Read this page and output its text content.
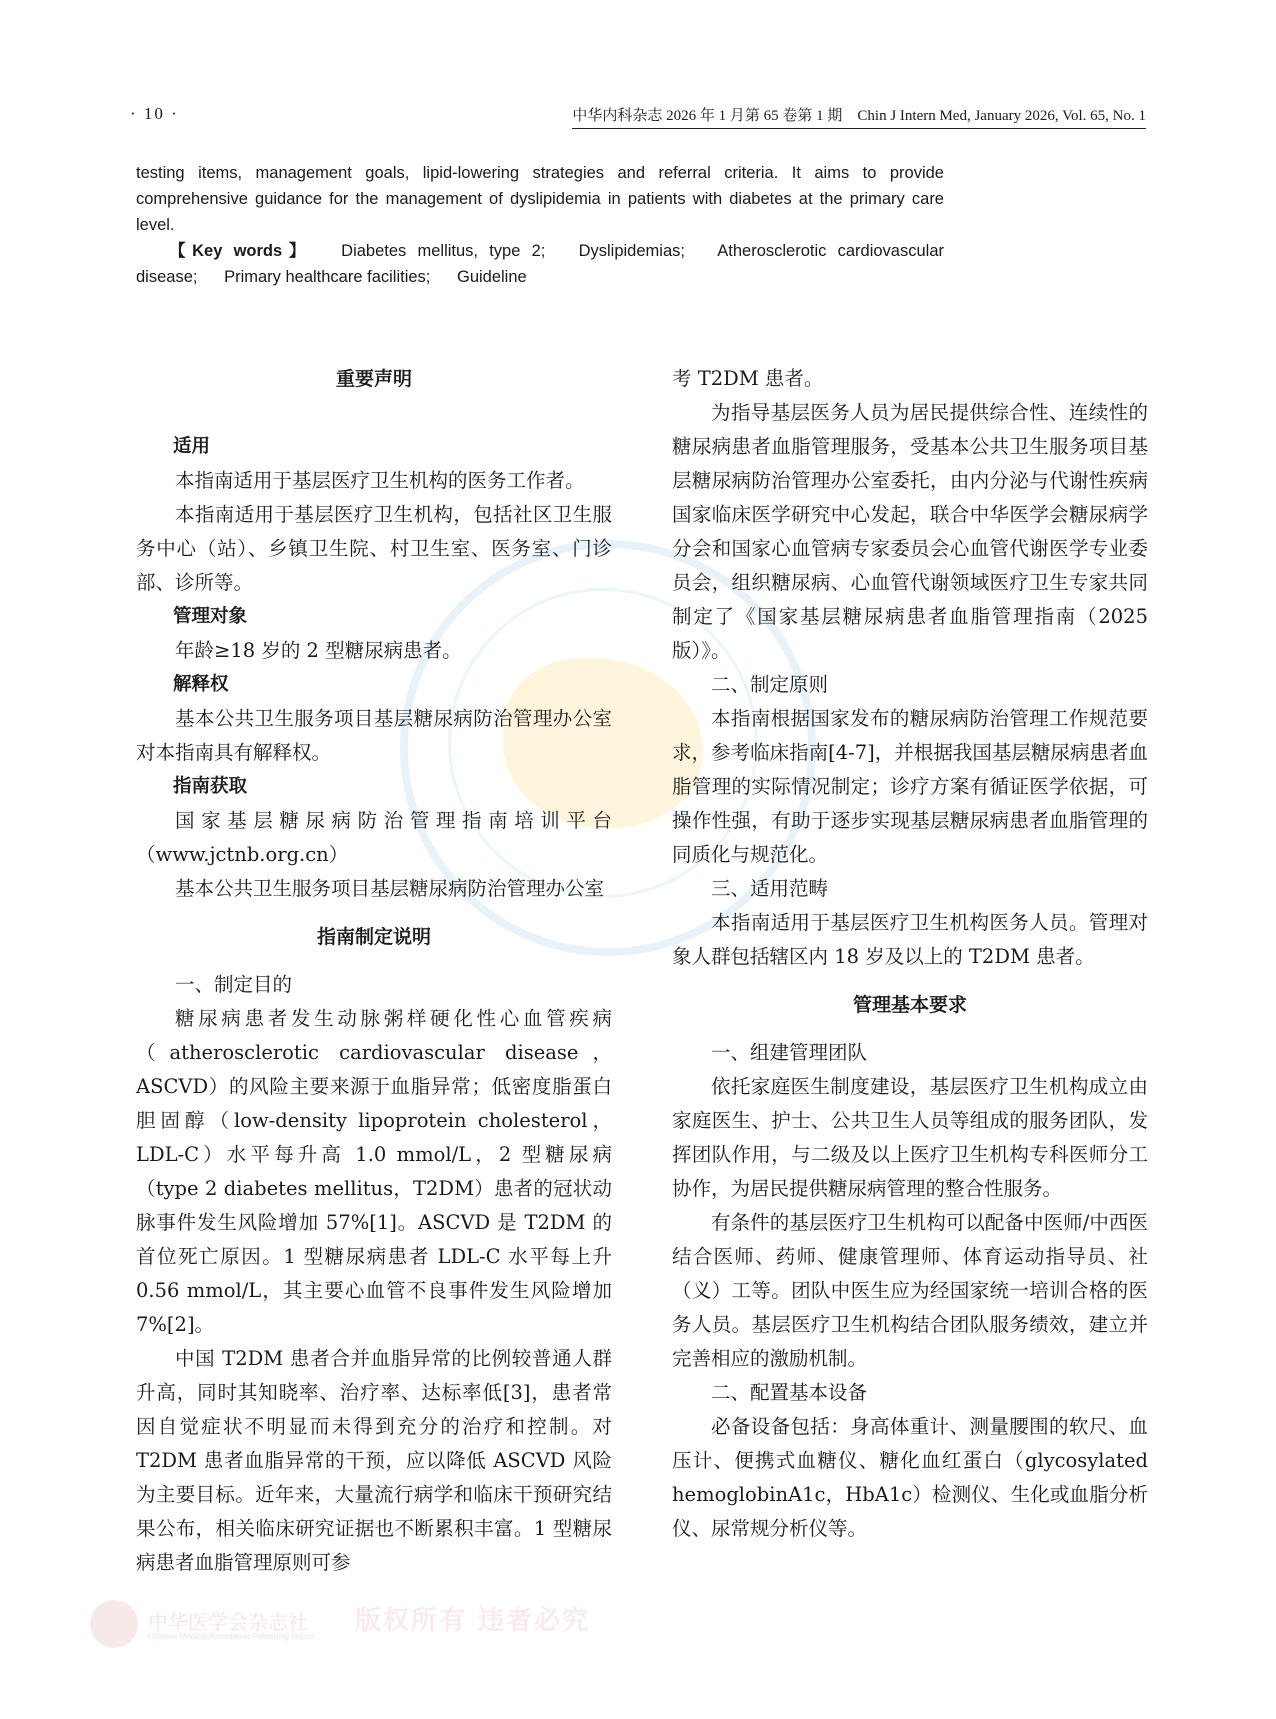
· 10 ·	中华内科杂志 2026 年 1 月第 65 卷第 1 期　Chin J Intern Med, January 2026, Vol. 65, No. 1

testing items, management goals, lipid-lowering strategies and referral criteria. It aims to provide comprehensive guidance for the management of dyslipidemia in patients with diabetes at the primary care level.

【Key words】 Diabetes mellitus, type 2; Dyslipidemias; Atherosclerotic cardiovascular disease; Primary healthcare facilities; Guideline

重要声明
适用

本指南适用于基层医疗卫生机构的医务工作者。

本指南适用于基层医疗卫生机构，包括社区卫生服务中心（站）、乡镇卫生院、村卫生室、医务室、门诊部、诊所等。

管理对象

年龄≥18 岁的 2 型糖尿病患者。

解释权

基本公共卫生服务项目基层糖尿病防治管理办公室对本指南具有解释权。

指南获取

国家基层糖尿病防治管理指南培训平台（www.jctnb.org.cn）

基本公共卫生服务项目基层糖尿病防治管理办公室

指南制定说明

一、制定目的

糖尿病患者发生动脉粥样硬化性心血管疾病（atherosclerotic cardiovascular disease，ASCVD）的风险主要来源于血脂异常；低密度脂蛋白胆固醇（low-density lipoprotein cholesterol，LDL-C）水平每升高 1.0 mmol/L，2 型糖尿病（type 2 diabetes mellitus，T2DM）患者的冠状动脉事件发生风险增加 57%[1]。ASCVD 是 T2DM 的首位死亡原因。1 型糖尿病患者 LDL-C 水平每上升 0.56 mmol/L，其主要心血管不良事件发生风险增加 7%[2]。

中国 T2DM 患者合并血脂异常的比例较普通人群升高，同时其知晓率、治疗率、达标率低[3]，患者常因自觉症状不明显而未得到充分的治疗和控制。对 T2DM 患者血脂异常的干预，应以降低 ASCVD 风险为主要目标。近年来，大量流行病学和临床干预研究结果公布，相关临床研究证据也不断累积丰富。1 型糖尿病患者血脂管理原则可参

考 T2DM 患者。

为指导基层医务人员为居民提供综合性、连续性的糖尿病患者血脂管理服务，受基本公共卫生服务项目基层糖尿病防治管理办公室委托，由内分泌与代谢性疾病国家临床医学研究中心发起，联合中华医学会糖尿病学分会和国家心血管病专家委员会心血管代谢医学专业委员会，组织糖尿病、心血管代谢领域医疗卫生专家共同制定了《国家基层糖尿病患者血脂管理指南（2025 版）》。

二、制定原则

本指南根据国家发布的糖尿病防治管理工作规范要求，参考临床指南[4-7]，并根据我国基层糖尿病患者血脂管理的实际情况制定；诊疗方案有循证医学依据，可操作性强，有助于逐步实现基层糖尿病患者血脂管理的同质化与规范化。

三、适用范畴

本指南适用于基层医疗卫生机构医务人员。管理对象人群包括辖区内 18 岁及以上的 T2DM 患者。

管理基本要求

一、组建管理团队

依托家庭医生制度建设，基层医疗卫生机构成立由家庭医生、护士、公共卫生人员等组成的服务团队，发挥团队作用，与二级及以上医疗卫生机构专科医师分工协作，为居民提供糖尿病管理的整合性服务。

有条件的基层医疗卫生机构可以配备中医师/中西医结合医师、药师、健康管理师、体育运动指导员、社（义）工等。团队中医生应为经国家统一培训合格的医务人员。基层医疗卫生机构结合团队服务绩效，建立并完善相应的激励机制。

二、配置基本设备

必备设备包括：身高体重计、测量腰围的软尺、血压计、便携式血糖仪、糖化血红蛋白（glycosylated hemoglobinA1c，HbA1c）检测仪、生化或血脂分析仪、尿常规分析仪等。

中华医学会杂志社
Chinese Medical Association Publishing House
版权所有 违者必究
